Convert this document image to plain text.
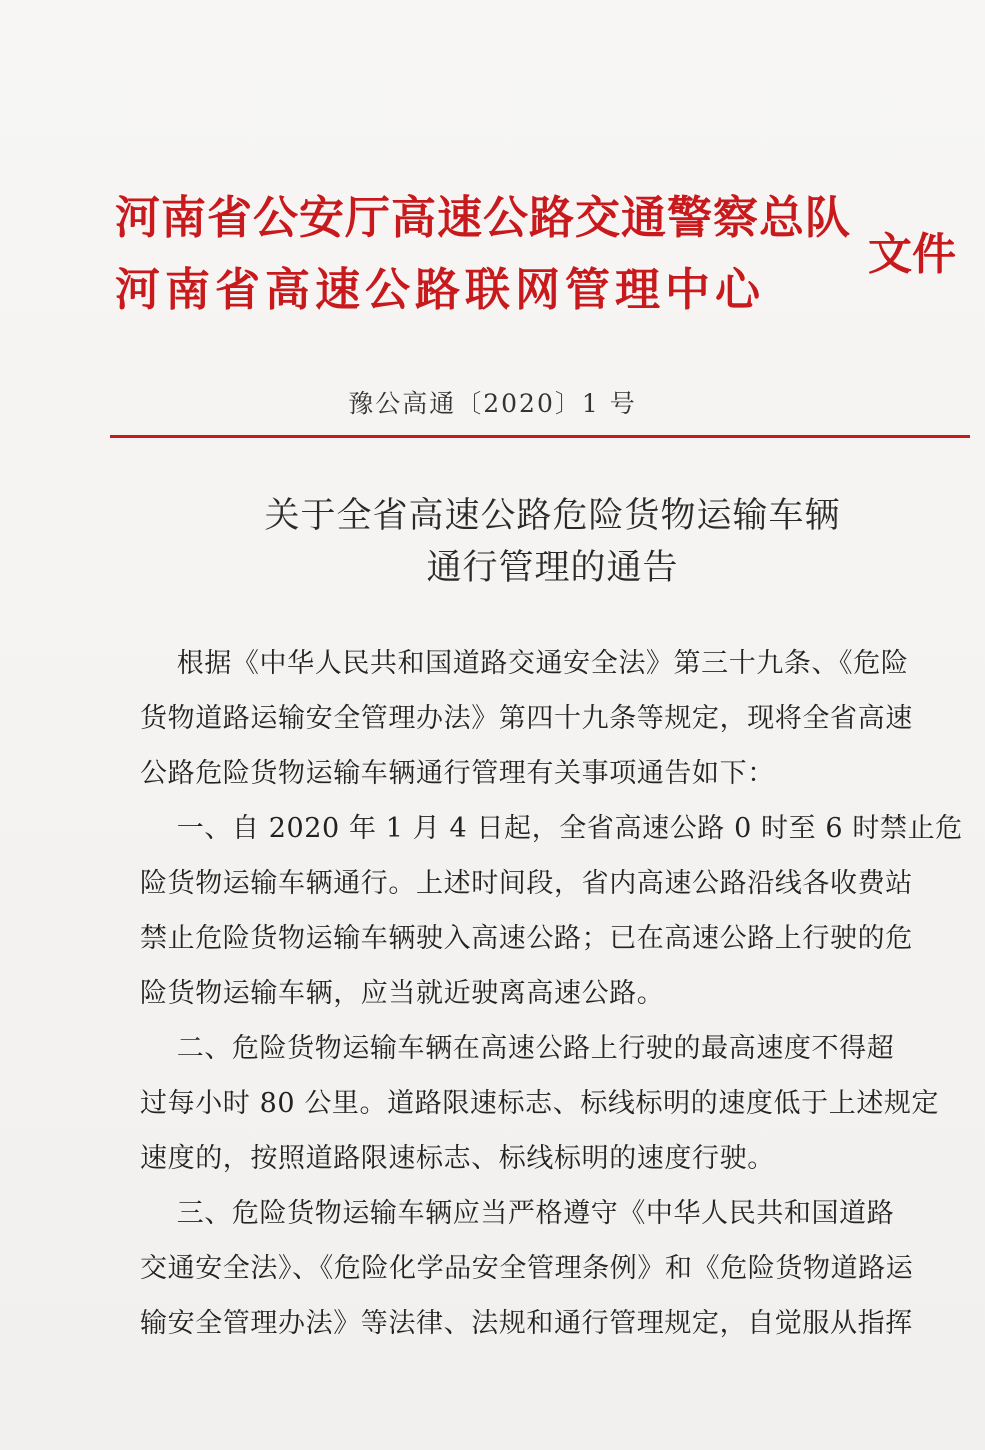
河南省公安厅高速公路交通警察总队
河南省高速公路联网管理中心
文件
豫公高通〔2020〕1 号
关于全省高速公路危险货物运输车辆
通行管理的通告
根据《中华人民共和国道路交通安全法》第三十九条、《危险
货物道路运输安全管理办法》第四十九条等规定，现将全省高速
公路危险货物运输车辆通行管理有关事项通告如下：
一、自 2020 年 1 月 4 日起，全省高速公路 0 时至 6 时禁止危
险货物运输车辆通行。上述时间段，省内高速公路沿线各收费站
禁止危险货物运输车辆驶入高速公路；已在高速公路上行驶的危
险货物运输车辆，应当就近驶离高速公路。
二、危险货物运输车辆在高速公路上行驶的最高速度不得超
过每小时 80 公里。道路限速标志、标线标明的速度低于上述规定
速度的，按照道路限速标志、标线标明的速度行驶。
三、危险货物运输车辆应当严格遵守《中华人民共和国道路
交通安全法》、《危险化学品安全管理条例》和《危险货物道路运
输安全管理办法》等法律、法规和通行管理规定，自觉服从指挥
